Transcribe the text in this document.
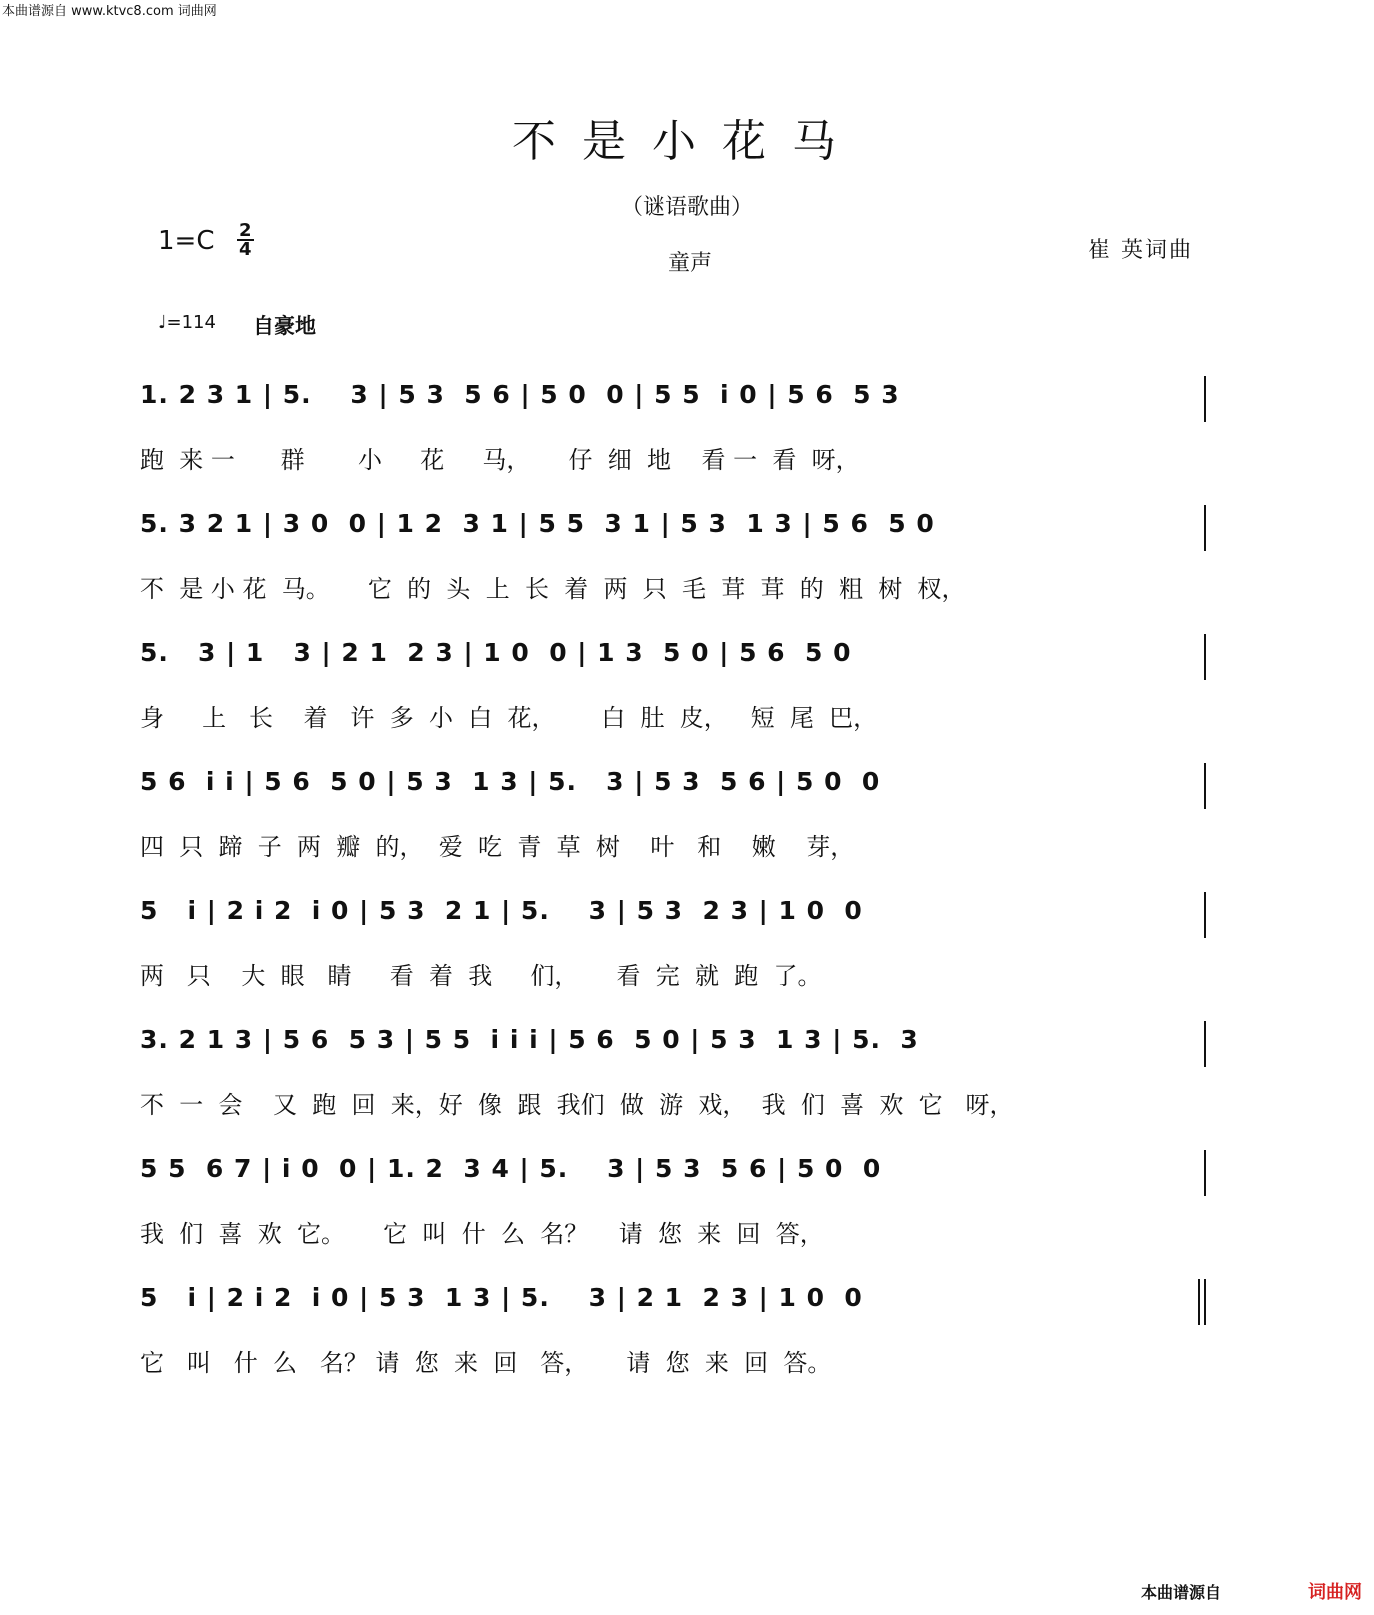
本曲谱源自 www.ktvc8.com 词曲网
不是小花马
（谜语歌曲）
童声
崔 英词曲
1=C 2
4
♩=114 自豪地
1. 2 3 1 | 5.    3 | 5 3  5 6 | 5 0  0 | 5 5  i 0 | 5 6  5 3
跑  来 一      群       小     花     马，     仔  细  地    看 一  看  呀，
5. 3 2 1 | 3 0  0 | 1 2  3 1 | 5 5  3 1 | 5 3  1 3 | 5 6  5 0
不  是 小 花  马。     它  的  头  上  长  着  两  只  毛  茸  茸  的  粗  树  杈，
5.   3 | 1   3 | 2 1  2 3 | 1 0  0 | 1 3  5 0 | 5 6  5 0
身     上   长    着   许  多  小  白  花，      白  肚  皮，   短  尾  巴，
5 6  i i | 5 6  5 0 | 5 3  1 3 | 5.   3 | 5 3  5 6 | 5 0  0
四  只  蹄  子  两  瓣  的，  爱  吃  青  草  树    叶   和    嫩    芽，
5   i | 2 i 2  i 0 | 5 3  2 1 | 5.    3 | 5 3  2 3 | 1 0  0
两   只    大  眼   睛     看  着  我     们，     看  完  就  跑  了。
3. 2 1 3 | 5 6  5 3 | 5 5  i i i | 5 6  5 0 | 5 3  1 3 | 5.  3
不  一  会    又  跑  回  来，好  像  跟  我们  做  游  戏，  我  们  喜  欢  它   呀，
5 5  6 7 | i 0  0 | 1. 2  3 4 | 5.    3 | 5 3  5 6 | 5 0  0
我  们  喜  欢  它。     它  叫  什  么  名？    请  您  来  回  答，
5   i | 2 i 2  i 0 | 5 3  1 3 | 5.    3 | 2 1  2 3 | 1 0  0
它   叫   什  么   名？ 请  您  来  回   答，     请  您  来  回  答。
本曲谱源自	词曲网
